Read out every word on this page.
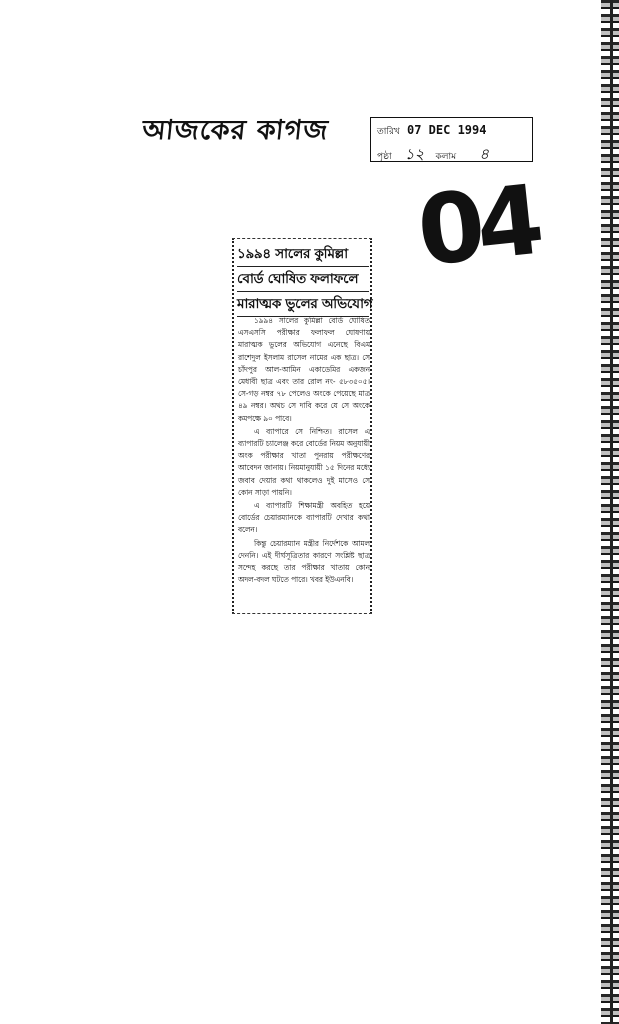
আজকের কাগজ	তারিখ 07 DEC 1994
পৃষ্ঠা ১২ কলাম ৪
04
১৯৯৪ সালের কুমিল্লা
বোর্ড ঘোষিত ফলাফলে
মারাত্মক ভুলের অভিযোগ

১৯৯৪ সালের কুমিল্লা বোর্ড ঘোষিত এসএসসি পরীক্ষার ফলাফল ঘোষণায় মারাত্মক ভুলের অভিযোগ এনেছে বিএম রাশেদুল ইসলাম রাসেল নামের এক ছাত্র। সে চাঁদপুর আল-আমিন একাডেমির একজন মেধাবী ছাত্র এবং তার রোল নং- ৫৮৩৫০৫। সে-গড় নম্বর ৭৮ পেলেও অংকে পেয়েছে মাত্র ৪৯ নম্বর। অথচ সে দাবি করে যে সে অংকে কমপক্ষে ৯০ পাবে।

এ ব্যাপারে সে নিশ্চিত। রাসেল এ ব্যাপারটি চ্যালেঞ্জ করে বোর্ডের নিয়ম অনুযায়ী অংক পরীক্ষার খাতা পুনরায় পরীক্ষণের আবেদন জানায়। নিয়মানুযায়ী ১৫ দিনের মধ্যে জবাব দেয়ার কথা থাকলেও দুই মাসেও সে কোন সাড়া পায়নি।

এ ব্যাপারটি শিক্ষামন্ত্রী অবহিত হয়ে বোর্ডের চেয়ারম্যানকে ব্যাপারটি দেখার কথা বলেন।

কিন্তু চেয়ারম্যান মন্ত্রীর নির্দেশকে আমল দেননি। এই দীর্ঘসূত্রিতার কারণে সংশ্লিষ্ট ছাত্র সন্দেহ করছে তার পরীক্ষার খাতায় কোন অদল-বদল ঘটতে পারে। খবর ইউএনবি।
